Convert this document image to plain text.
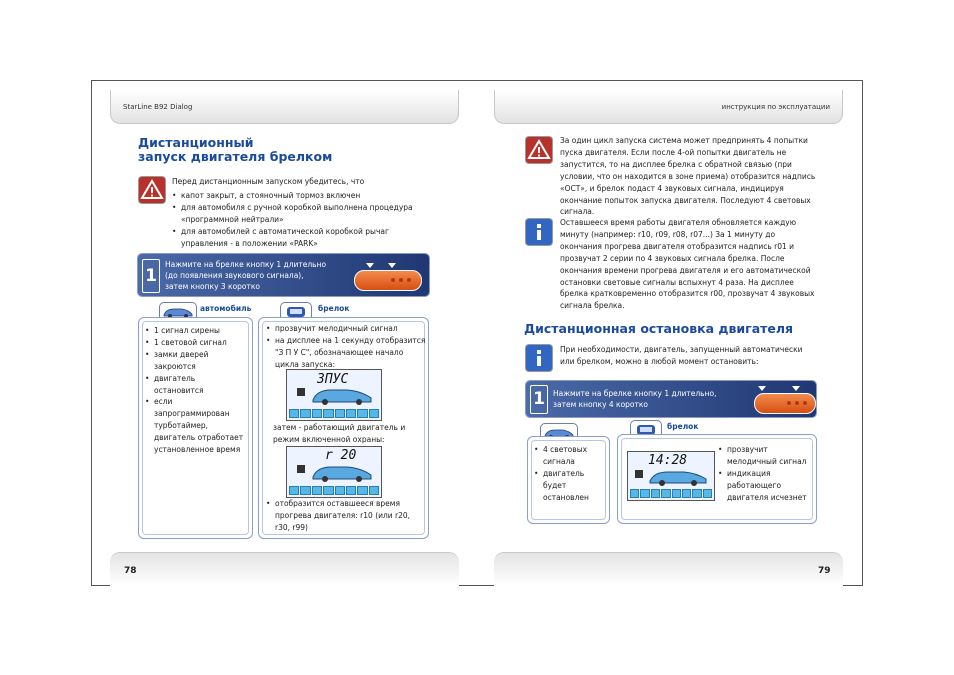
StarLine B92 Dialog	инструкция по эксплуатации
78	79
Дистанционный
запуск двигателя брелком
Перед дистанционным запуском убедитесь, что
• капот закрыт, а стояночный тормоз включен
• для автомобиля с ручной коробкой выполнена процедура «программной нейтрали»
• для автомобилей с автоматической коробкой рычаг управления - в положении «PARK»
1
Нажмите на брелке кнопку 1 длительно
(до появления звукового сигнала),
затем кнопку 3 коротко
автомобиль	брелок
• 1 сигнал сирены
• 1 световой сигнал
• замки дверей закроются
• двигатель остановится
• если запрограммирован турботаймер, двигатель отработает установленное время
• прозвучит мелодичный сигнал
• на дисплее на 1 секунду отобразится "З П У С", обозначающее начало цикла запуска:
ЗПУС
затем - работающий двигатель и режим включенной охраны:
r 20
• отобразится оставшееся время прогрева двигателя: r10 (или r20, r30, r99)
За один цикл запуска система может предпринять 4 попытки пуска двигателя. Если после 4-ой попытки двигатель не запустится, то на дисплее брелка с обратной связью (при условии, что он находится в зоне приема) отобразится надпись «ОСТ», и брелок подаст 4 звуковых сигнала, индицируя окончание попыток запуска двигателя. Последуют 4 световых сигнала.
Оставшееся время работы двигателя обновляется каждую минуту (например: r10, r09, r08, r07...) За 1 минуту до окончания прогрева двигателя отобразится надпись r01 и прозвучат 2 серии по 4 звуковых сигнала брелка. После окончания времени прогрева двигателя и его автоматической остановки световые сигналы вспыхнут 4 раза. На дисплее брелка кратковременно отобразится r00, прозвучат 4 звуковых сигнала брелка.
Дистанционная остановка двигателя
При необходимости, двигатель, запущенный автоматически или брелком, можно в любой момент остановить:
1	Нажмите на брелке кнопку 1 длительно,
затем кнопку 4 коротко
брелок
• 4 световых сигнала
• двигатель будет остановлен
14:28
• прозвучит мелодичный сигнал
• индикация работающего двигателя исчезнет
